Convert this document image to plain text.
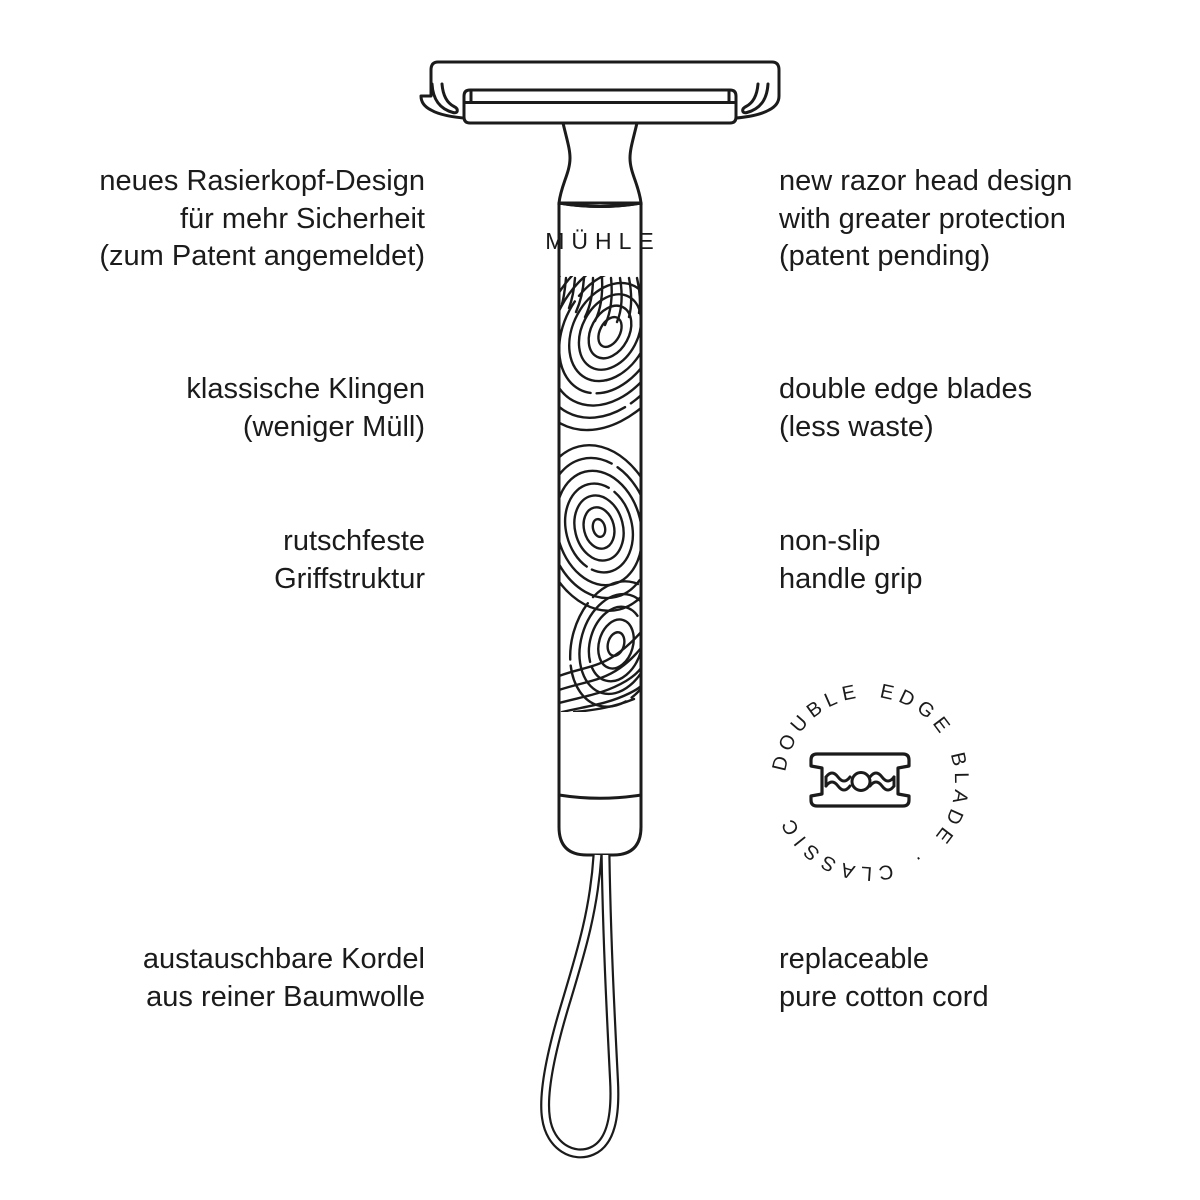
MÜHLE
DOUBLE EDGE BLADE · CLASSIC
neues Rasierkopf-Design
für mehr Sicherheit
(zum Patent angemeldet)
new razor head design
with greater protection
(patent pending)
klassische Klingen
(weniger Müll)
double edge blades
(less waste)
rutschfeste
Griffstruktur
non-slip
handle grip
austauschbare Kordel
aus reiner Baumwolle
replaceable
pure cotton cord
